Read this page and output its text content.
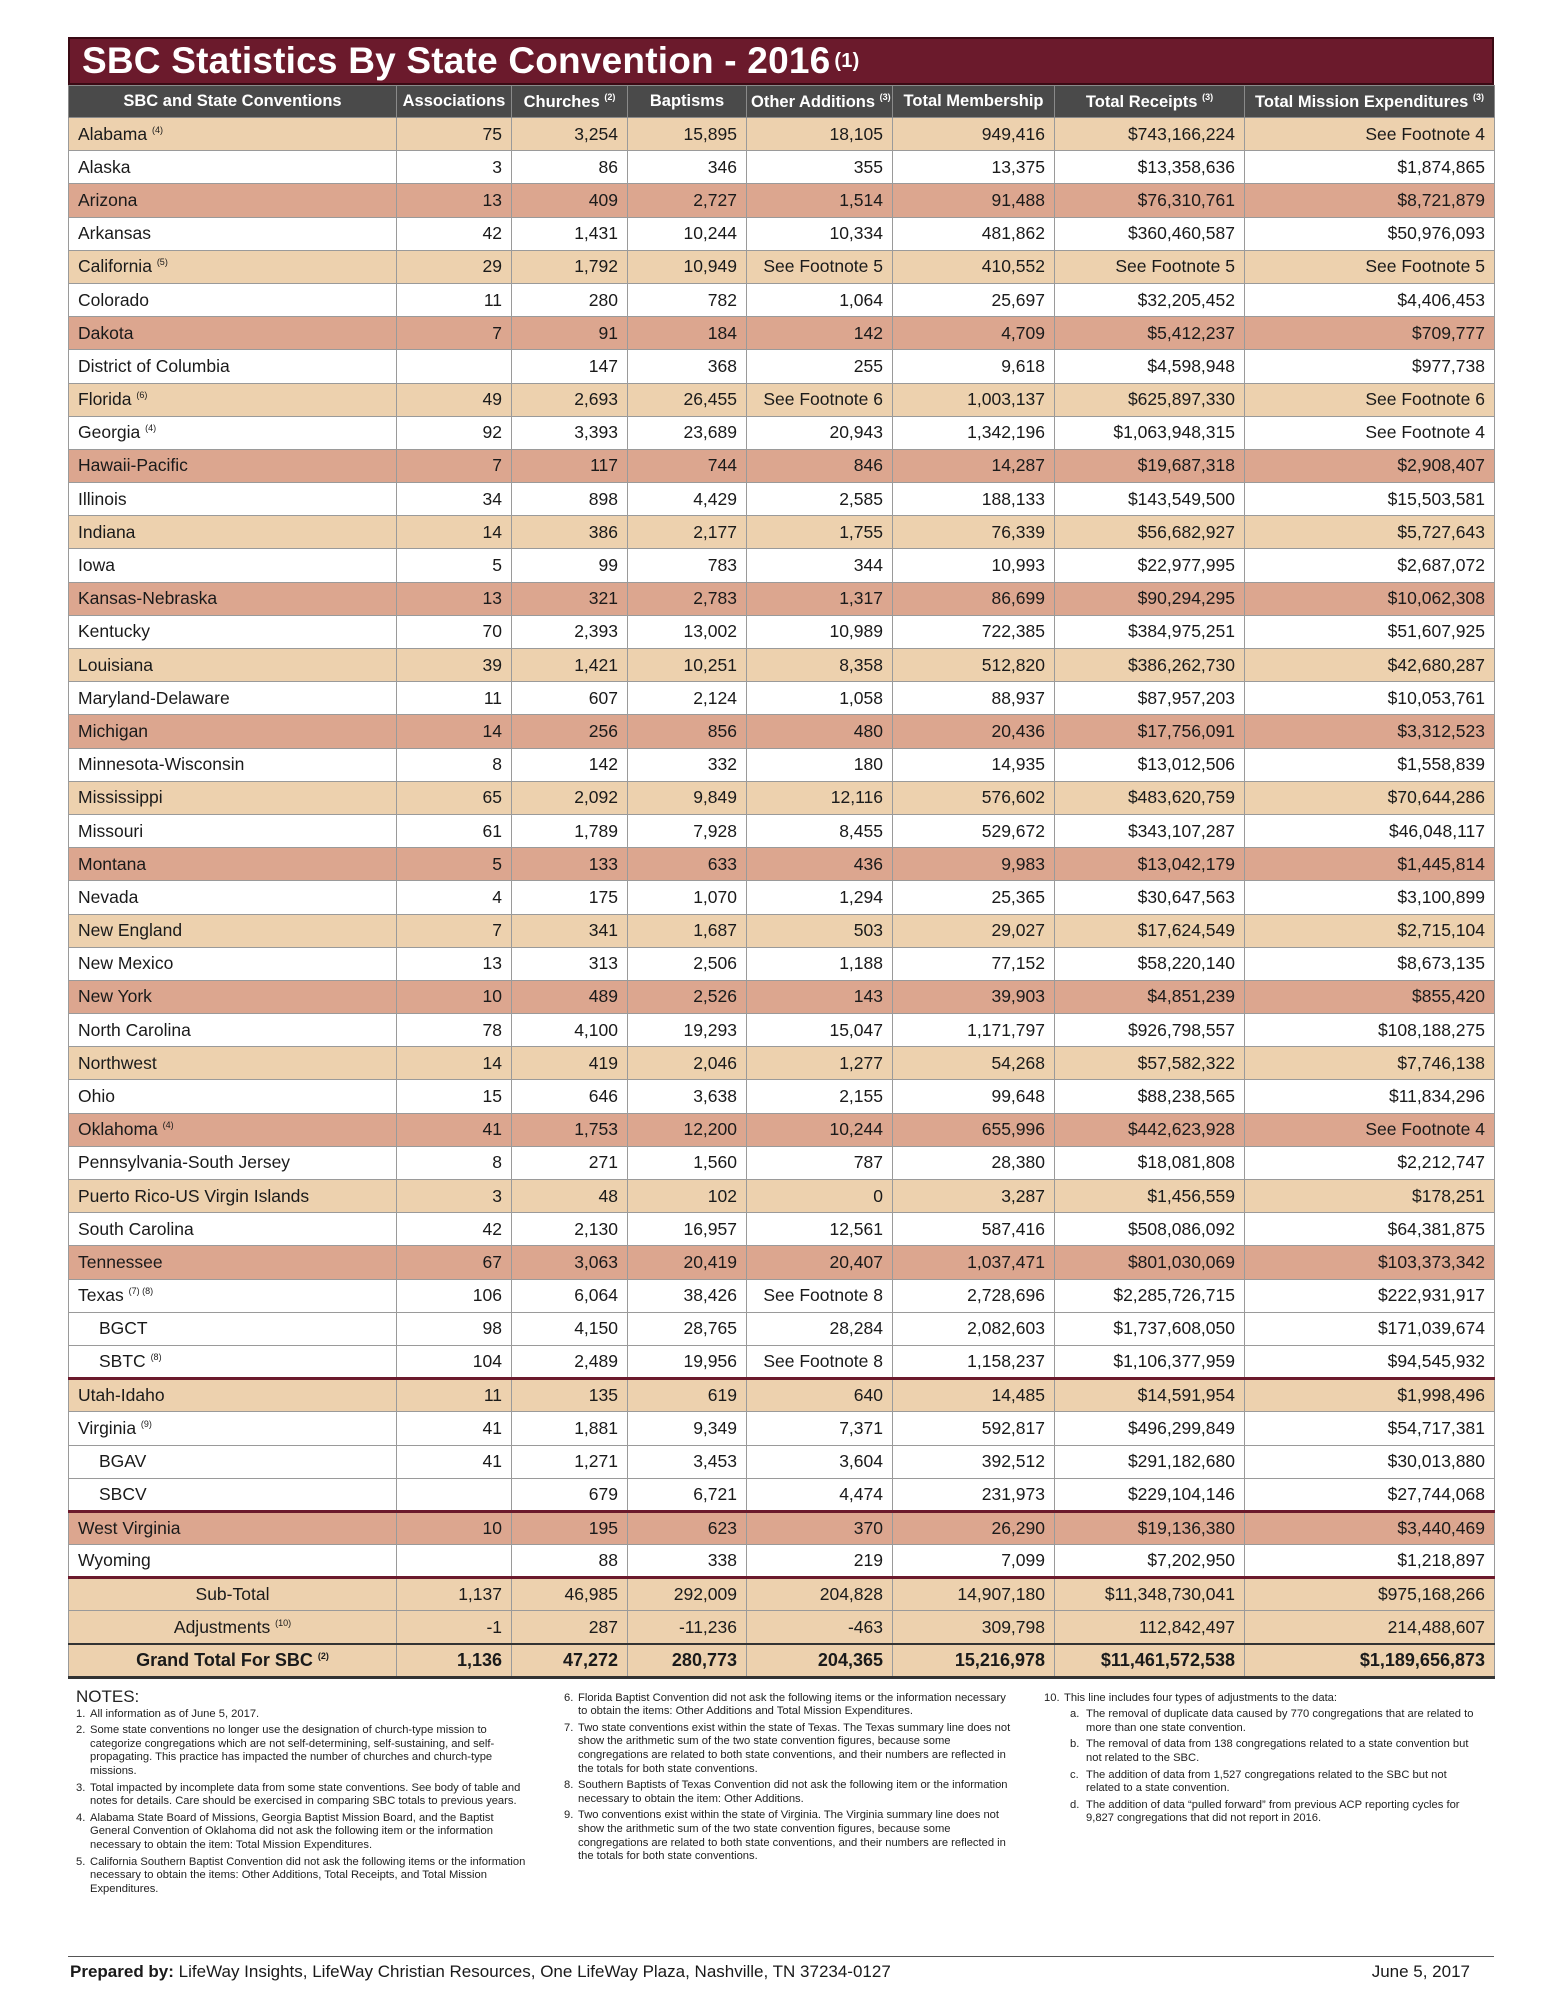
SBC Statistics By State Convention - 2016 (1)
SBC and State Conventions	Associations	Churches $^{(2)}$	Baptisms	Other Additions $^{(3)}$	Total Membership	Total Receipts $^{(3)}$	Total Mission Expenditures $^{(3)}$
Alabama $^{(4)}$	75	3,254	15,895	18,105	949,416	$743,166,224	See Footnote 4
Alaska	3	86	346	355	13,375	$13,358,636	$1,874,865
Arizona	13	409	2,727	1,514	91,488	$76,310,761	$8,721,879
Arkansas	42	1,431	10,244	10,334	481,862	$360,460,587	$50,976,093
California $^{(5)}$	29	1,792	10,949	See Footnote 5	410,552	See Footnote 5	See Footnote 5
Colorado	11	280	782	1,064	25,697	$32,205,452	$4,406,453
Dakota	7	91	184	142	4,709	$5,412,237	$709,777
District of Columbia		147	368	255	9,618	$4,598,948	$977,738
Florida $^{(6)}$	49	2,693	26,455	See Footnote 6	1,003,137	$625,897,330	See Footnote 6
Georgia $^{(4)}$	92	3,393	23,689	20,943	1,342,196	$1,063,948,315	See Footnote 4
Hawaii-Pacific	7	117	744	846	14,287	$19,687,318	$2,908,407
Illinois	34	898	4,429	2,585	188,133	$143,549,500	$15,503,581
Indiana	14	386	2,177	1,755	76,339	$56,682,927	$5,727,643
Iowa	5	99	783	344	10,993	$22,977,995	$2,687,072
Kansas-Nebraska	13	321	2,783	1,317	86,699	$90,294,295	$10,062,308
Kentucky	70	2,393	13,002	10,989	722,385	$384,975,251	$51,607,925
Louisiana	39	1,421	10,251	8,358	512,820	$386,262,730	$42,680,287
Maryland-Delaware	11	607	2,124	1,058	88,937	$87,957,203	$10,053,761
Michigan	14	256	856	480	20,436	$17,756,091	$3,312,523
Minnesota-Wisconsin	8	142	332	180	14,935	$13,012,506	$1,558,839
Mississippi	65	2,092	9,849	12,116	576,602	$483,620,759	$70,644,286
Missouri	61	1,789	7,928	8,455	529,672	$343,107,287	$46,048,117
Montana	5	133	633	436	9,983	$13,042,179	$1,445,814
Nevada	4	175	1,070	1,294	25,365	$30,647,563	$3,100,899
New England	7	341	1,687	503	29,027	$17,624,549	$2,715,104
New Mexico	13	313	2,506	1,188	77,152	$58,220,140	$8,673,135
New York	10	489	2,526	143	39,903	$4,851,239	$855,420
North Carolina	78	4,100	19,293	15,047	1,171,797	$926,798,557	$108,188,275
Northwest	14	419	2,046	1,277	54,268	$57,582,322	$7,746,138
Ohio	15	646	3,638	2,155	99,648	$88,238,565	$11,834,296
Oklahoma $^{(4)}$	41	1,753	12,200	10,244	655,996	$442,623,928	See Footnote 4
Pennsylvania-South Jersey	8	271	1,560	787	28,380	$18,081,808	$2,212,747
Puerto Rico-US Virgin Islands	3	48	102	0	3,287	$1,456,559	$178,251
South Carolina	42	2,130	16,957	12,561	587,416	$508,086,092	$64,381,875
Tennessee	67	3,063	20,419	20,407	1,037,471	$801,030,069	$103,373,342
Texas $^{(7) (8)}$	106	6,064	38,426	See Footnote 8	2,728,696	$2,285,726,715	$222,931,917
BGCT	98	4,150	28,765	28,284	2,082,603	$1,737,608,050	$171,039,674
SBTC $^{(8)}$	104	2,489	19,956	See Footnote 8	1,158,237	$1,106,377,959	$94,545,932
Utah-Idaho	11	135	619	640	14,485	$14,591,954	$1,998,496
Virginia $^{(9)}$	41	1,881	9,349	7,371	592,817	$496,299,849	$54,717,381
BGAV	41	1,271	3,453	3,604	392,512	$291,182,680	$30,013,880
SBCV		679	6,721	4,474	231,973	$229,104,146	$27,744,068
West Virginia	10	195	623	370	26,290	$19,136,380	$3,440,469
Wyoming		88	338	219	7,099	$7,202,950	$1,218,897
Sub-Total	1,137	46,985	292,009	204,828	14,907,180	$11,348,730,041	$975,168,266
Adjustments $^{(10)}$	-1	287	-11,236	-463	309,798	112,842,497	214,488,607
Grand Total For SBC $^{(2)}$	1,136	47,272	280,773	204,365	15,216,978	$11,461,572,538	$1,189,656,873
NOTES:
1. All information as of June 5, 2017.
2. Some state conventions no longer use the designation of church-type mission to categorize congregations which are not self-determining, self-sustaining, and self-propagating. This practice has impacted the number of churches and church-type missions.
3. Total impacted by incomplete data from some state conventions. See body of table and notes for details. Care should be exercised in comparing SBC totals to previous years.
4. Alabama State Board of Missions, Georgia Baptist Mission Board, and the Baptist General Convention of Oklahoma did not ask the following item or the information necessary to obtain the item: Total Mission Expenditures.
5. California Southern Baptist Convention did not ask the following items or the information necessary to obtain the items: Other Additions, Total Receipts, and Total Mission Expenditures.
6. Florida Baptist Convention did not ask the following items or the information necessary to obtain the items: Other Additions and Total Mission Expenditures.
7. Two state conventions exist within the state of Texas. The Texas summary line does not show the arithmetic sum of the two state convention figures, because some congregations are related to both state conventions, and their numbers are reflected in the totals for both state conventions.
8. Southern Baptists of Texas Convention did not ask the following item or the information necessary to obtain the item: Other Additions.
9. Two conventions exist within the state of Virginia. The Virginia summary line does not show the arithmetic sum of the two state convention figures, because some congregations are related to both state conventions, and their numbers are reflected in the totals for both state conventions.
10. This line includes four types of adjustments to the data:
a. The removal of duplicate data caused by 770 congregations that are related to more than one state convention.
b. The removal of data from 138 congregations related to a state convention but not related to the SBC.
c. The addition of data from 1,527 congregations related to the SBC but not related to a state convention.
d. The addition of data “pulled forward” from previous ACP reporting cycles for 9,827 congregations that did not report in 2016.
Prepared by: LifeWay Insights, LifeWay Christian Resources, One LifeWay Plaza, Nashville, TN 37234-0127	June 5, 2017
